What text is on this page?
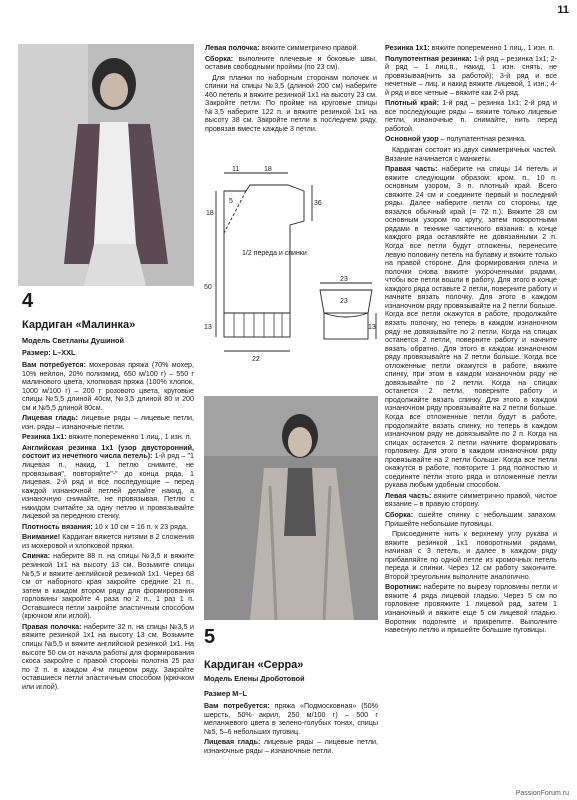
11
4
Кардиган «Малинка»
Модель Светланы Душиной
Размер: L–XXL

Вам потребуется: мохеровая пряжа (70% мохер, 10% нейлон, 20% полиэмид, 650 м/100 г) – 550 г малинового цвета, хлопковая пряжа (100% хлопок, 1000 м/100 г) – 200 г розового цвета, круговые спицы №5,5 длиной 40см, №3,5 длиной 80 и 200 см и №5,5 длиной 80см.

Лицевая гладь: лицевые ряды – лицевые петли, изн. ряды – изнаночные петли.

Резинка 1х1: вяжите попеременно 1 лиц., 1 изн. п.

Английская резинка 1х1 (узор двусторонний, состоит из нечетного числа петель): 1-й ряд – "1 лицевая п., накид, 1 петлю снимите, не провязывая", повторяйте"-" до конца ряда, 1 лицевая. 2-й ряд и все последующие – перед каждой изнаночной петлей делайте накид, а изнаночную снимайте, не провязывая. Петлю с накидом считайте за одну петлю и провязывайте лицевой за переднюю стенку.

Плотность вязания: 10 х 10 см = 16 п. х 23 ряда.

Внимание! Кардиган вяжется нитями в 2 сложения из мохеровой и хлопковой пряжи.

Спинка: наберите 88 п. на спицы №3,5 и вяжите резинкой 1х1 на высоту 13 см. Возьмите спицы №5,5 и вяжите английской резинкой 1х1. Через 68 см от наборного края закройте средние 21 п., затем в каждом втором ряду для формирования горловины закройте 4 раза по 2 п., 1 раз 1 п. Оставшиеся петли закройте эластичным способом (крючком или иглой).

Правая полочка: наберите 32 п. на спицы №3,5 и вяжите резинкой 1х1 на высоту 13 см. Возьмите спицы №5,5 и вяжите английской резинкой 1х1. На высоте 50 см от начала работы для формирования скоса закройте с правой стороны полотна 25 раз по 2 п. в каждом 4-м лицевом ряду. Закройте оставшиеся петли эластичным способом (крючком или иглой).

Левая полочка: вяжите симметрично правой.

Сборка: выполните плечевые и боковые швы, оставив свободными проймы (по 23 см).

Для планки по наборным сторонам полочек и спинки на спицы №3,5 (длиной 200 см) наберите 460 петель и вяжите резинкой 1х1 на высоту 23 см. Закройте петли. По пройме на круговые спицы №3,5 наберите 122 п. и вяжите резинкой 1х1 на высоту 38 см. Закройте петли в последнем ряду, провязав вместе каждые 3 петли.

11	18
5
18
36
1/2 переда и спинки
50
13
22
23
23
13
5
Кардиган «Серра»
Модель Елены Дроботовой
Размер M–L

Вам потребуется: пряжа «Подмосковная» (50% шерсть, 50% акрил, 250 м/100 г) – 500 г меланжевого цвета в зелено-голубых тонах, спицы №5, 5–6 небольших пуговиц.

Лицевая гладь: лицевые ряды – лицевые петли, изнаночные ряды – изнаночные петли.

Резинка 1х1: вяжите попеременно 1 лиц., 1 изн. п.

Полупотентная резинка: 1-й ряд – резинка 1х1; 2-й ряд – 1 лиц.п., накид, 1 изн. снять, не провязывая(нить за работой); 3-й ряд и все нечетные – лиц. и накид вяжите лицевой, 1 изн.; 4-й ряд и все четные – вяжите как 2-й ряд.

Плотный край: 1-й ряд – резинка 1х1; 2-й ряд и все последующие ряды – вяжите только лицевые петли, изнаночные п. снимайте, нить перед работой.

Основной узор – полупатентная резинка.

Кардиган состоит из двух симметричных частей. Вязание начинается с манжеты.

Правая часть: наберите на спицы 14 петель и вяжите следующим образом: кром. п., 10 п. основным узором, 3 п. плотный край. Всего свяжите 24 см и соедините первый и последний ряды. Далее наберите петли со стороны, где вязался обычный край (= 72 п.). Вяжите 28 см основным узором по кругу, затем поворотными рядами в технике частичного вязания: в конце каждого ряда оставляйте не довязанными 2 п. Когда все петли будут отложены, перенесите левую половину петель на булавку и вяжите только на правой стороне. Для формирования плеча и полочки снова вяжите укороченными рядами, чтобы все петли вошли в работу. Для этого в конце каждого ряда оставьте 2 петли, поверните работу и начните вязать полочку. Для этого в каждом изнаночном ряду провязывайте на 2 петли больше. Когда все петли окажутся в работе, продолжайте вязать полочку, но теперь в каждом изнаночном ряду не довязывайте по 2 петли. Когда на спицах останется 2 петли, поверните работу и начните вязать обратно. Для этого в каждом изнаночном ряду провязывайте на 2 петли больше. Когда все отложенные петли окажутся в работе, вяжите спинку, при этом в каждом изнаночном ряду не довязывайте по 2 петли. Когда на спицах останется 2 петли, поверните работу и продолжайте вязать спинку. Для этого в каждом изнаночном ряду провязывайте на 2 петли больше. Когда все отложенные петли будут в работе, продолжайте вязать спинку, но теперь в каждом изнаночном ряду не довязывайте по 2 п. Когда на спицах останется 2 петли начните формировать горловину. Для этого в каждом изнаночном ряду провязывайте на 2 петли больше. Когда все петли окажутся в работе, повторите 1 ряд полностью и соедините петли этого ряда и отложенные петли рукава любым удобным способом.

Левая часть: вяжите симметрично правой, чистое вязание – в правую сторону.

Сборка: сшейте спинку с небольшим запахом. Пришейте небольшие пуговицы.

Присоедините нить к верхнему углу рукава и вяжите резинкой 1х1 поворотными рядами, начиная с 3 петель, и далее в каждом ряду прибавляйте по одной петле из кромочных петель переда и спинки. Через 12 см работу закончите. Второй треугольник выполните аналогично.

Воротник: наберите по вырезу горловины петли и вяжите 4 ряда лицевой гладью. Через 5 см по горловине провяжите 1 лицевой ряд, затем 1 изнаночный и вяжите еще 5 см лицевой гладью. Воротник подогните и прикрепите. Выполните навесную петлю и пришейте большие пуговицы.

PassionForum.ru
